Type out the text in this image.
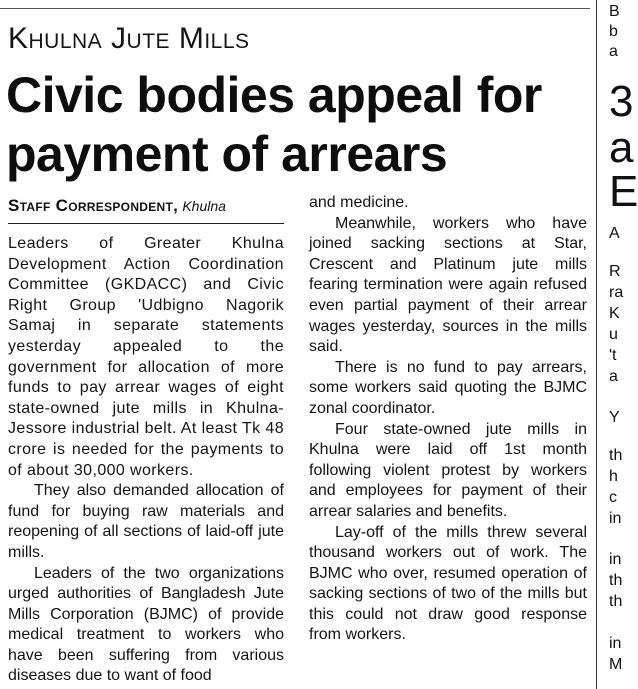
Khulna Jute Mills
Civic bodies appeal for payment of arrears
Staff Correspondent, Khulna

Leaders of Greater Khulna Development Action Coordination Committee (GKDACC) and Civic Right Group 'Udbigno Nagorik Samaj in separate statements yesterday appealed to the government for allocation of more funds to pay arrear wages of eight state-owned jute mills in Khulna-Jessore industrial belt. At least Tk 48 crore is needed for the payments to of about 30,000 workers.

They also demanded allocation of fund for buying raw materials and reopening of all sections of laid-off jute mills.

Leaders of the two organizations urged authorities of Bangladesh Jute Mills Corporation (BJMC) of provide medical treatment to workers who have been suffering from various diseases due to want of food

and medicine.

Meanwhile, workers who have joined sacking sections at Star, Crescent and Platinum jute mills fearing termination were again refused even partial payment of their arrear wages yesterday, sources in the mills said.

There is no fund to pay arrears, some workers said quoting the BJMC zonal coordinator.

Four state-owned jute mills in Khulna were laid off 1st month following violent protest by workers and employees for payment of their arrear salaries and benefits.

Lay-off of the mills threw several thousand workers out of work. The BJMC who over, resumed operation of sacking sections of two of the mills but this could not draw good response from workers.

B
b
a
3
a
E
A
R
ra
K
u
't
a
Y
th
h
c
in
in
th
th
in
M
